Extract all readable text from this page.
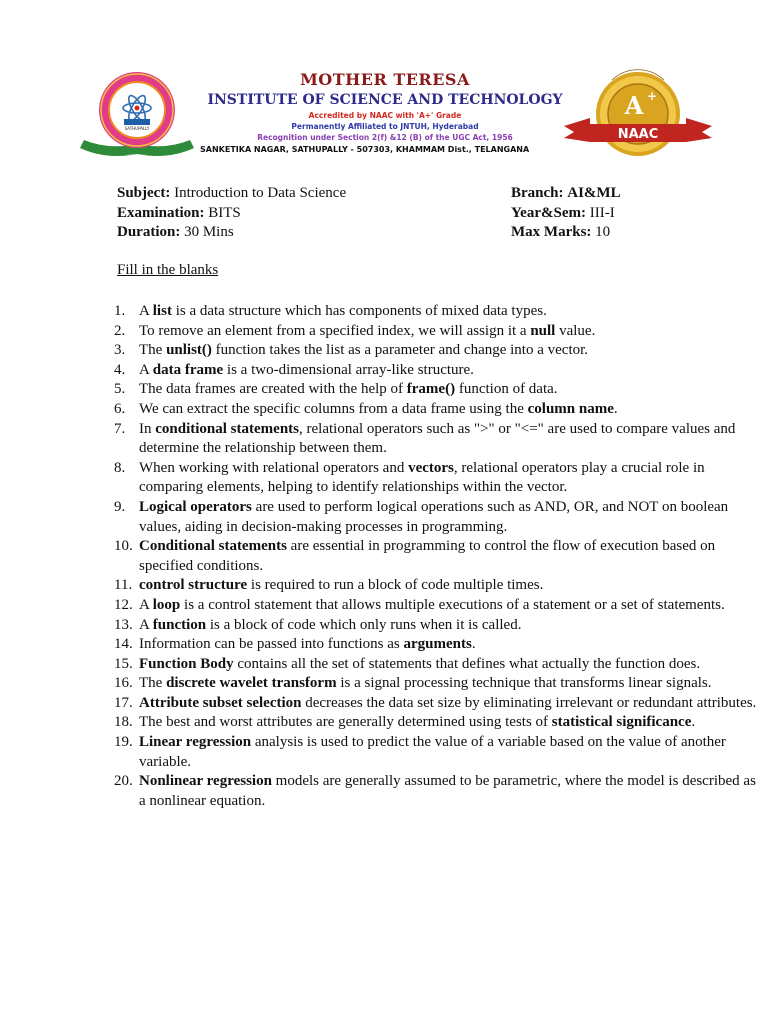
SATHUPALLY
ESTD 2001
MOTHER TERESA
INSTITUTE OF SCIENCE AND TECHNOLOGY
Accredited by NAAC with 'A+' Grade
Permanently Affiliated to JNTUH, Hyderabad
Recognition under Section 2(f) &12 (B) of the UGC Act, 1956
SANKETIKA NAGAR, SATHUPALLY - 507303, KHAMMAM Dist., TELANGANA
A +
NAAC
Subject: Introduction to Data Science	Branch: AI&ML
Examination: BITS	Year&Sem: III-I
Duration: 30 Mins	Max Marks: 10
Fill in the blanks
1. A list is a data structure which has components of mixed data types.
2. To remove an element from a specified index, we will assign it a null value.
3. The unlist() function takes the list as a parameter and change into a vector.
4. A data frame is a two-dimensional array-like structure.
5. The data frames are created with the help of frame() function of data.
6. We can extract the specific columns from a data frame using the column name.
7. In conditional statements, relational operators such as ">" or "<=" are used to compare values and determine the relationship between them.
8. When working with relational operators and vectors, relational operators play a crucial role in comparing elements, helping to identify relationships within the vector.
9. Logical operators are used to perform logical operations such as AND, OR, and NOT on boolean values, aiding in decision-making processes in programming.
10. Conditional statements are essential in programming to control the flow of execution based on specified conditions.
11. control structure is required to run a block of code multiple times.
12. A loop is a control statement that allows multiple executions of a statement or a set of statements.
13. A function is a block of code which only runs when it is called.
14. Information can be passed into functions as arguments.
15. Function Body contains all the set of statements that defines what actually the function does.
16. The discrete wavelet transform is a signal processing technique that transforms linear signals.
17. Attribute subset selection decreases the data set size by eliminating irrelevant or redundant attributes.
18. The best and worst attributes are generally determined using tests of statistical significance.
19. Linear regression analysis is used to predict the value of a variable based on the value of another variable.
20. Nonlinear regression models are generally assumed to be parametric, where the model is described as a nonlinear equation.
